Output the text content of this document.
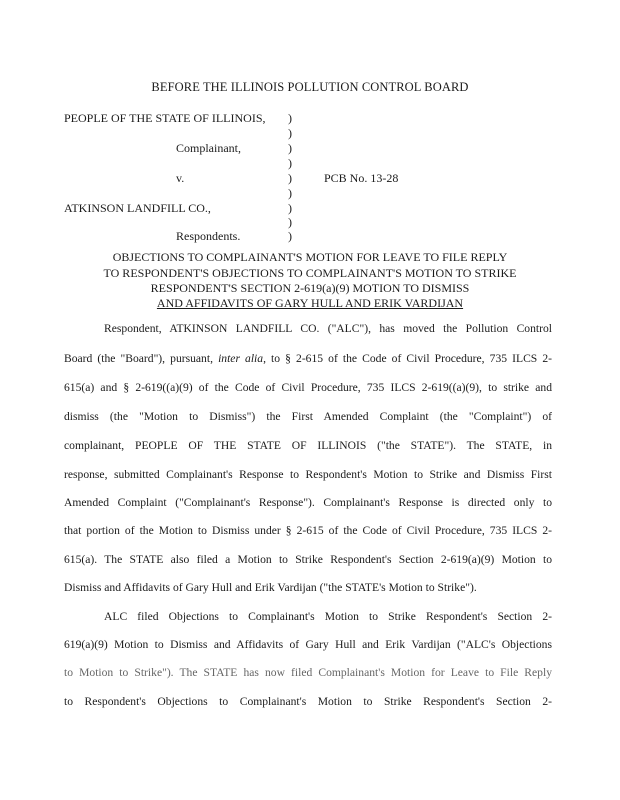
BEFORE THE ILLINOIS POLLUTION CONTROL BOARD
PEOPLE OF THE STATE OF ILLINOIS,
Complainant,
v.	PCB No. 13-28
ATKINSON LANDFILL CO.,
Respondents.
)
)
)
)
)
)
)
)
)
OBJECTIONS TO COMPLAINANT'S MOTION FOR LEAVE TO FILE REPLY
TO RESPONDENT'S OBJECTIONS TO COMPLAINANT'S MOTION TO STRIKE
RESPONDENT'S SECTION 2-619(a)(9) MOTION TO DISMISS
AND AFFIDAVITS OF GARY HULL AND ERIK VARDIJAN
Respondent, ATKINSON LANDFILL CO. ("ALC"), has moved the Pollution Control
Board (the "Board"), pursuant, inter alia, to § 2-615 of the Code of Civil Procedure, 735 ILCS 2-
615(a) and § 2-619((a)(9) of the Code of Civil Procedure, 735 ILCS 2-619((a)(9), to strike and
dismiss (the "Motion to Dismiss") the First Amended Complaint (the "Complaint") of
complainant, PEOPLE OF THE STATE OF ILLINOIS ("the STATE"). The STATE, in
response, submitted Complainant's Response to Respondent's Motion to Strike and Dismiss First
Amended Complaint ("Complainant's Response"). Complainant's Response is directed only to
that portion of the Motion to Dismiss under § 2-615 of the Code of Civil Procedure, 735 ILCS 2-
615(a). The STATE also filed a Motion to Strike Respondent's Section 2-619(a)(9) Motion to
Dismiss and Affidavits of Gary Hull and Erik Vardijan ("the STATE's Motion to Strike").
ALC filed Objections to Complainant's Motion to Strike Respondent's Section 2-
619(a)(9) Motion to Dismiss and Affidavits of Gary Hull and Erik Vardijan ("ALC's Objections
to Motion to Strike"). The STATE has now filed Complainant's Motion for Leave to File Reply
to Respondent's Objections to Complainant's Motion to Strike Respondent's Section 2-
